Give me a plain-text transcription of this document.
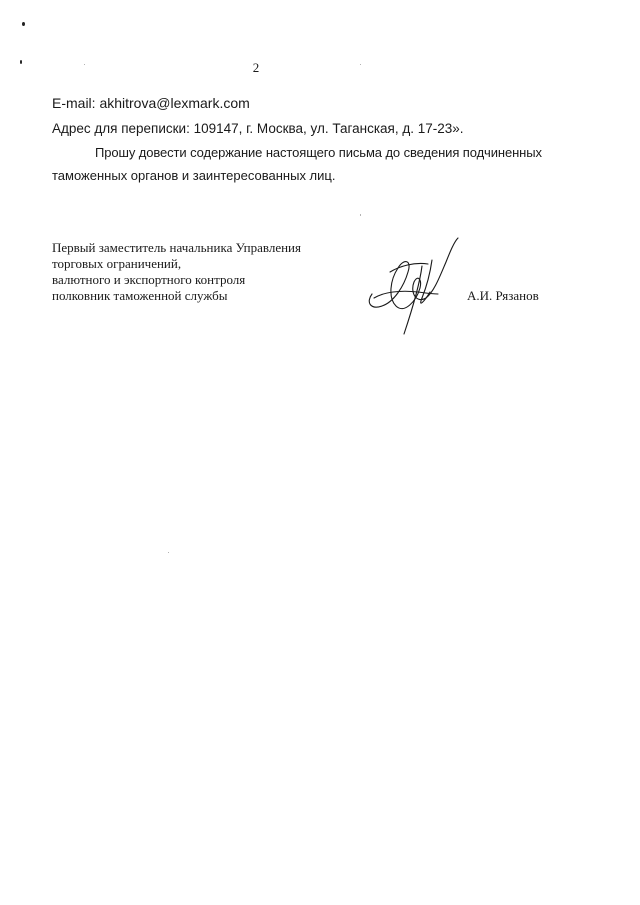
2
E-mail: akhitrova@lexmark.com
Адрес для переписки: 109147, г. Москва, ул. Таганская, д. 17-23».
Прошу довести содержание настоящего письма до сведения подчиненных
таможенных органов и заинтересованных лиц.
Первый заместитель начальника Управления
торговых ограничений,
валютного и экспортного контроля
полковник таможенной службы	А.И. Рязанов
